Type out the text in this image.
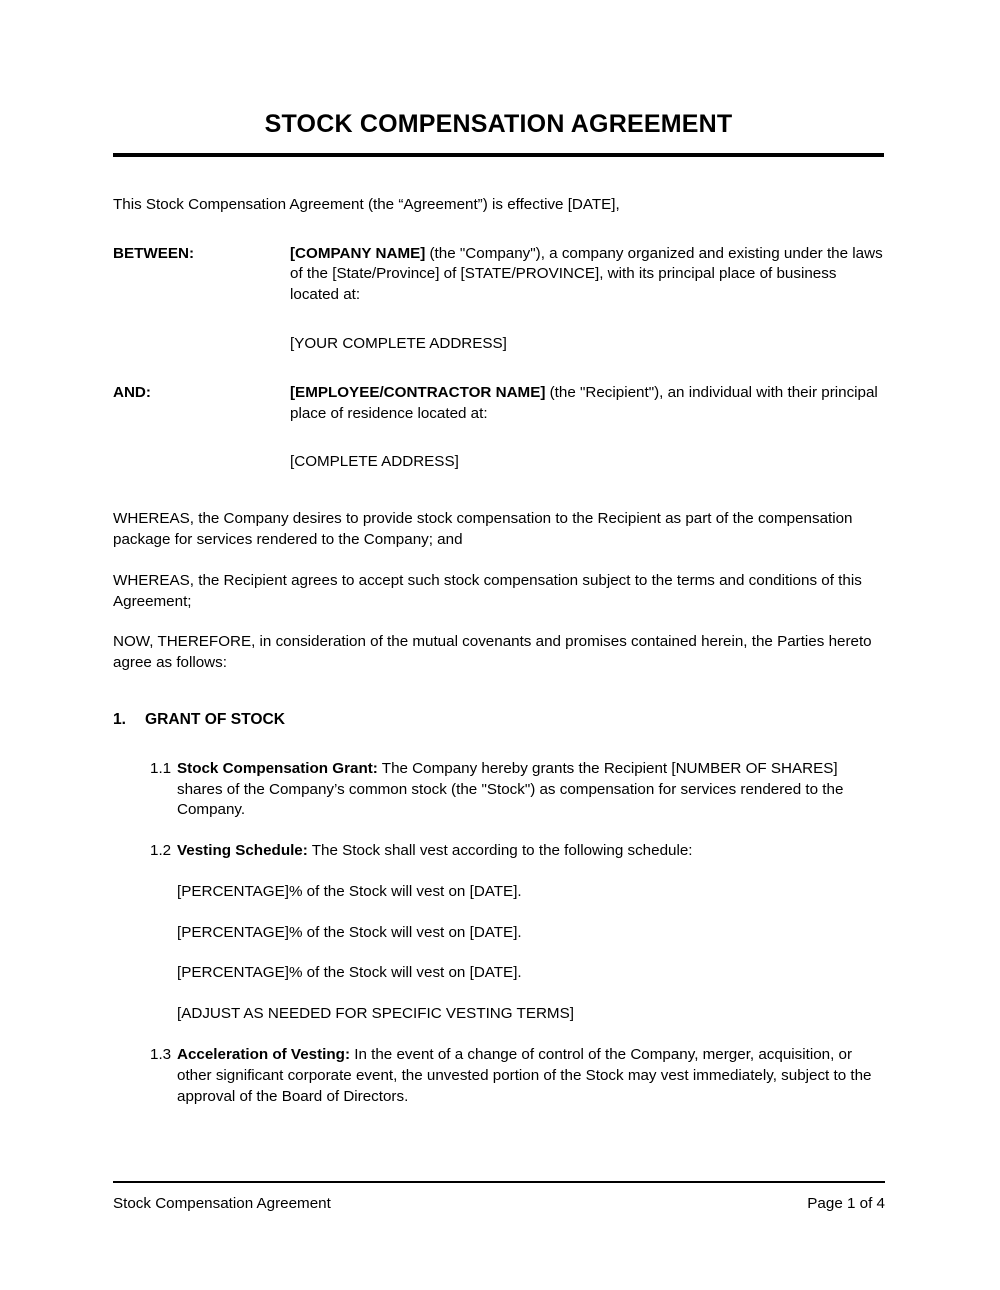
STOCK COMPENSATION AGREEMENT

This Stock Compensation Agreement (the “Agreement”) is effective [DATE],

BETWEEN:	[COMPANY NAME] (the "Company"), a company organized and existing under the laws of the [State/Province] of [STATE/PROVINCE], with its principal place of business located at:
[YOUR COMPLETE ADDRESS]
AND:	[EMPLOYEE/CONTRACTOR NAME] (the "Recipient"), an individual with their principal place of residence located at:
[COMPLETE ADDRESS]

WHEREAS, the Company desires to provide stock compensation to the Recipient as part of the compensation package for services rendered to the Company; and

WHEREAS, the Recipient agrees to accept such stock compensation subject to the terms and conditions of this Agreement;

NOW, THEREFORE, in consideration of the mutual covenants and promises contained herein, the Parties hereto agree as follows:

1.	GRANT OF STOCK
1.1 Stock Compensation Grant: The Company hereby grants the Recipient [NUMBER OF SHARES] shares of the Company’s common stock (the "Stock") as compensation for services rendered to the Company.
1.2 Vesting Schedule: The Stock shall vest according to the following schedule:
[PERCENTAGE]% of the Stock will vest on [DATE].
[PERCENTAGE]% of the Stock will vest on [DATE].
[PERCENTAGE]% of the Stock will vest on [DATE].
[ADJUST AS NEEDED FOR SPECIFIC VESTING TERMS]
1.3 Acceleration of Vesting: In the event of a change of control of the Company, merger, acquisition, or other significant corporate event, the unvested portion of the Stock may vest immediately, subject to the approval of the Board of Directors.
Stock Compensation Agreement	Page 1 of 4
